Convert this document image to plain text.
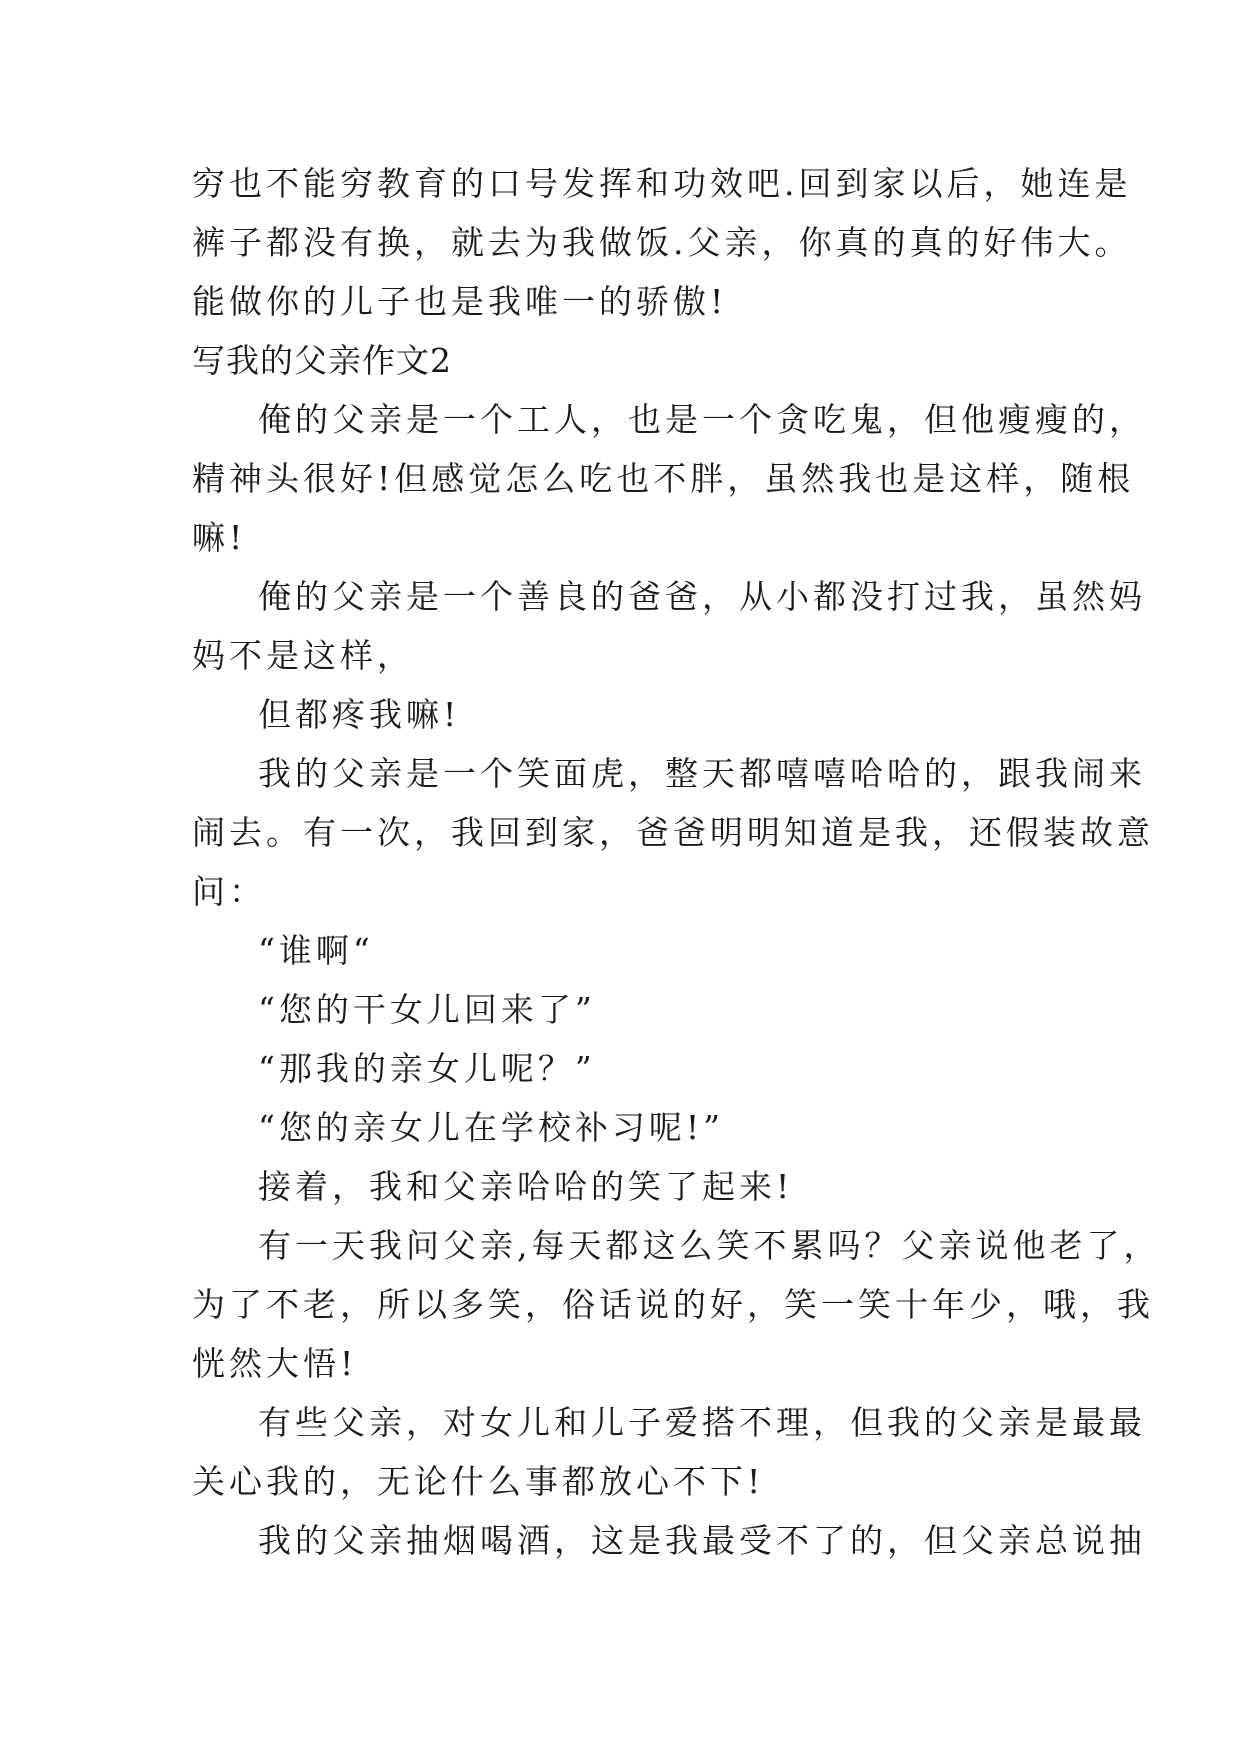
穷也不能穷教育的口号发挥和功效吧.回到家以后，她连是
裤子都没有换，就去为我做饭.父亲，你真的真的好伟大。
能做你的儿子也是我唯一的骄傲!
写我的父亲作文2
俺的父亲是一个工人，也是一个贪吃鬼，但他瘦瘦的，
精神头很好!但感觉怎么吃也不胖，虽然我也是这样，随根
嘛!
俺的父亲是一个善良的爸爸，从小都没打过我，虽然妈
妈不是这样，
但都疼我嘛!
我的父亲是一个笑面虎，整天都嘻嘻哈哈的，跟我闹来
闹去。有一次，我回到家，爸爸明明知道是我，还假装故意
问：
“谁啊“
“您的干女儿回来了”
“那我的亲女儿呢？”
“您的亲女儿在学校补习呢!”
接着，我和父亲哈哈的笑了起来!
有一天我问父亲,每天都这么笑不累吗？父亲说他老了，
为了不老，所以多笑，俗话说的好，笑一笑十年少，哦，我
恍然大悟!
有些父亲，对女儿和儿子爱搭不理，但我的父亲是最最
关心我的，无论什么事都放心不下!
我的父亲抽烟喝酒，这是我最受不了的，但父亲总说抽
